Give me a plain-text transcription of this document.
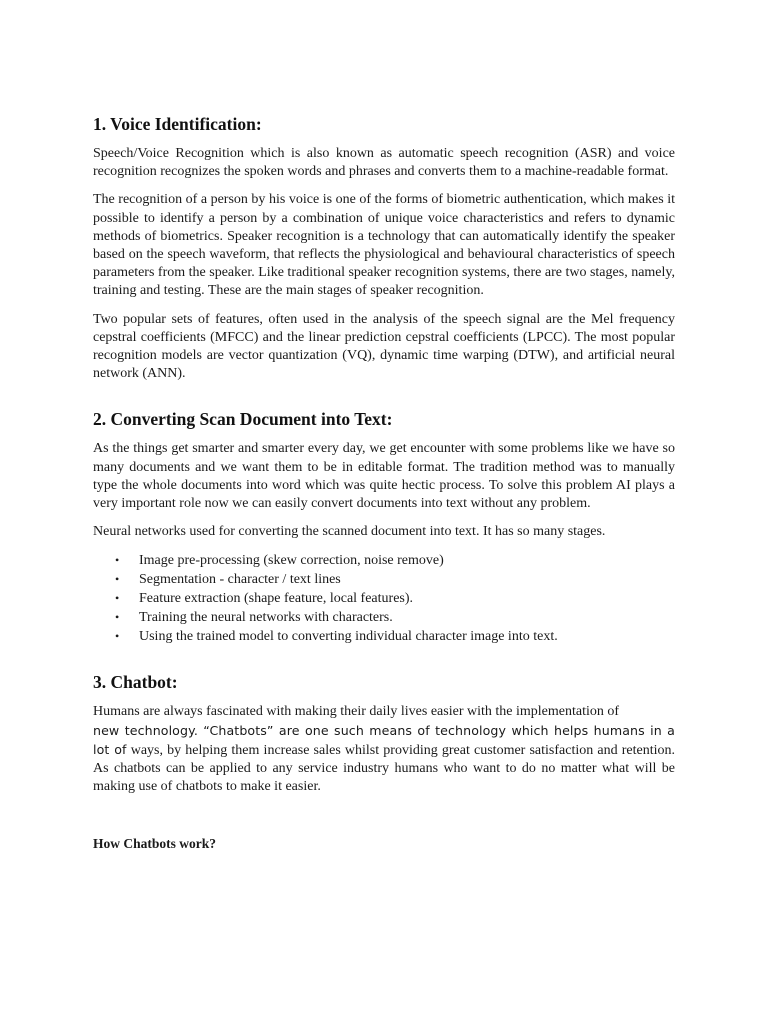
1. Voice Identification:

Speech/Voice Recognition which is also known as automatic speech recognition (ASR) and voice recognition recognizes the spoken words and phrases and converts them to a machine-readable format.

The recognition of a person by his voice is one of the forms of biometric authentication, which makes it possible to identify a person by a combination of unique voice characteristics and refers to dynamic methods of biometrics. Speaker recognition is a technology that can automatically identify the speaker based on the speech waveform, that reflects the physiological and behavioural characteristics of speech parameters from the speaker. Like traditional speaker recognition systems, there are two stages, namely, training and testing. These are the main stages of speaker recognition.

Two popular sets of features, often used in the analysis of the speech signal are the Mel frequency cepstral coefficients (MFCC) and the linear prediction cepstral coefficients (LPCC). The most popular recognition models are vector quantization (VQ), dynamic time warping (DTW), and artificial neural network (ANN).

2. Converting Scan Document into Text:

As the things get smarter and smarter every day, we get encounter with some problems like we have so many documents and we want them to be in editable format. The tradition method was to manually type the whole documents into word which was quite hectic process. To solve this problem AI plays a very important role now we can easily convert documents into text without any problem.

Neural networks used for converting the scanned document into text. It has so many stages.

• Image pre-processing (skew correction, noise remove)
• Segmentation - character / text lines
• Feature extraction (shape feature, local features).
• Training the neural networks with characters.
• Using the trained model to converting individual character image into text.
3. Chatbot:

Humans are always fascinated with making their daily lives easier with the implementation of
new technology. “Chatbots” are one such means of technology which helps humans in a lot of ways, by helping them increase sales whilst providing great customer satisfaction and retention. As chatbots can be applied to any service industry humans who want to do no matter what will be making use of chatbots to make it easier.

How Chatbots work?
